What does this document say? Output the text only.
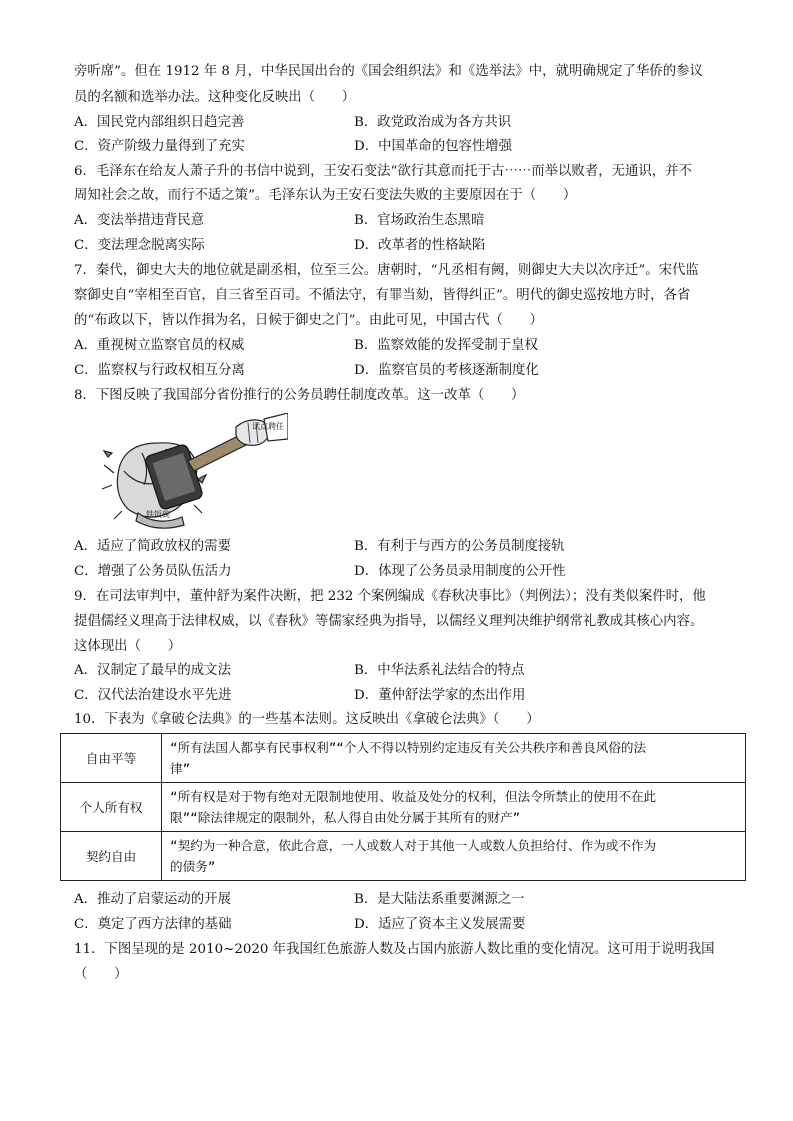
旁听席”。但在 1912 年 8 月，中华民国出台的《国会组织法》和《选举法》中，就明确规定了华侨的参议
员的名额和选举办法。这种变化反映出（　　）
A．国民党内部组织日趋完善	B．政党政治成为各方共识
C．资产阶级力量得到了充实	D．中国革命的包容性增强
6．毛泽东在给友人萧子升的书信中说到，王安石变法“欲行其意而托于古⋯⋯而举以败者，无通识，并不
周知社会之故，而行不适之策”。毛泽东认为王安石变法失败的主要原因在于（　　）
A．变法举措违背民意	B．官场政治生态黑暗
C．变法理念脱离实际	D．改革者的性格缺陷
7．秦代，御史大夫的地位就是副丞相，位至三公。唐朝时，“凡丞相有阙，则御史大夫以次序迁”。宋代监
察御史自“宰相至百官，自三省至百司。不循法守，有罪当劾，皆得纠正”。明代的御史巡按地方时，各省
的“布政以下，皆以作揖为名，日候于御史之门”。由此可见，中国古代（　　）
A．重视树立监察官员的权威	B．监察效能的发挥受制于皇权
C．监察权与行政权相互分离	D．监察官员的考核逐渐制度化
8．下图反映了我国部分省份推行的公务员聘任制度改革。这一改革（　　）
试点聘任
铁饭碗
A．适应了简政放权的需要	B．有利于与西方的公务员制度接轨
C．增强了公务员队伍活力	D．体现了公务员录用制度的公开性
9．在司法审判中，董仲舒为案件决断，把 232 个案例编成《春秋决事比》（判例法）；没有类似案件时，他
提倡儒经义理高于法律权威，以《春秋》等儒家经典为指导，以儒经义理判决维护纲常礼教成其核心内容。
这体现出（　　）
A．汉制定了最早的成文法	B．中华法系礼法结合的特点
C．汉代法治建设水平先进	D．董仲舒法学家的杰出作用
10．下表为《拿破仑法典》的一些基本法则。这反映出《拿破仑法典》（　　）
自由平等	“所有法国人都享有民事权利”“个人不得以特别约定违反有关公共秩序和善良风俗的法
律”
个人所有权	“所有权是对于物有绝对无限制地使用、收益及处分的权利，但法令所禁止的使用不在此
限”“除法律规定的限制外，私人得自由处分属于其所有的财产”
契约自由	“契约为一种合意，依此合意，一人或数人对于其他一人或数人负担给付、作为或不作为
的债务”
A．推动了启蒙运动的开展	B．是大陆法系重要渊源之一
C．奠定了西方法律的基础	D．适应了资本主义发展需要
11．下图呈现的是 2010~2020 年我国红色旅游人数及占国内旅游人数比重的变化情况。这可用于说明我国
（　　）
